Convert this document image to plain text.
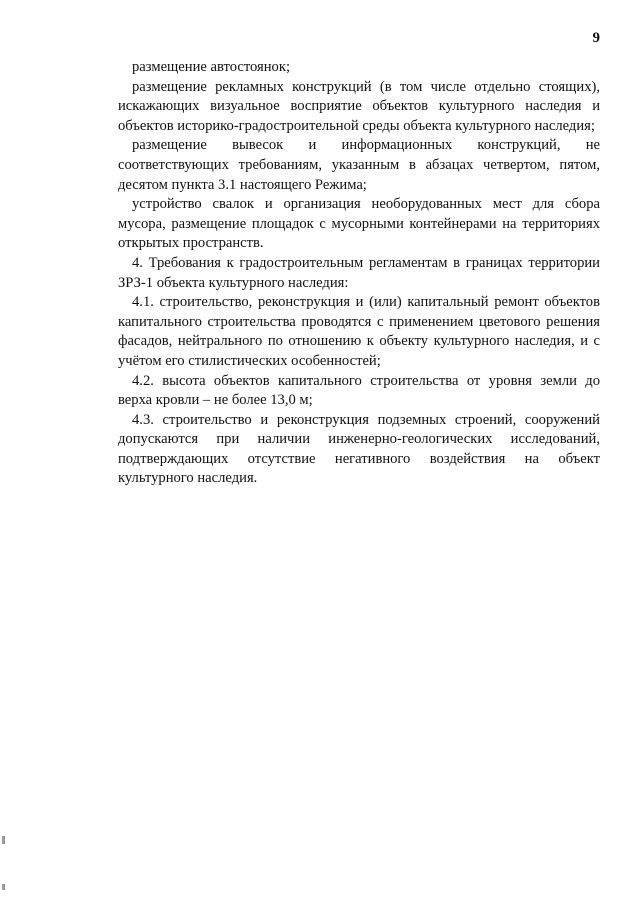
9

размещение автостоянок;

размещение рекламных конструкций (в том числе отдельно стоящих), искажающих визуальное восприятие объектов культурного наследия и объектов историко-градостроительной среды объекта культурного наследия;

размещение вывесок и информационных конструкций, не соответствующих требованиям, указанным в абзацах четвертом, пятом, десятом пункта 3.1 настоящего Режима;

устройство свалок и организация необорудованных мест для сбора мусора, размещение площадок с мусорными контейнерами на территориях открытых пространств.

4. Требования к градостроительным регламентам в границах территории ЗРЗ-1 объекта культурного наследия:

4.1. строительство, реконструкция и (или) капитальный ремонт объектов капитального строительства проводятся с применением цветового решения фасадов, нейтрального по отношению к объекту культурного наследия, и с учётом его стилистических особенностей;

4.2. высота объектов капитального строительства от уровня земли до верха кровли – не более 13,0 м;

4.3. строительство и реконструкция подземных строений, сооружений допускаются при наличии инженерно-геологических исследований, подтверждающих отсутствие негативного воздействия на объект культурного наследия.
